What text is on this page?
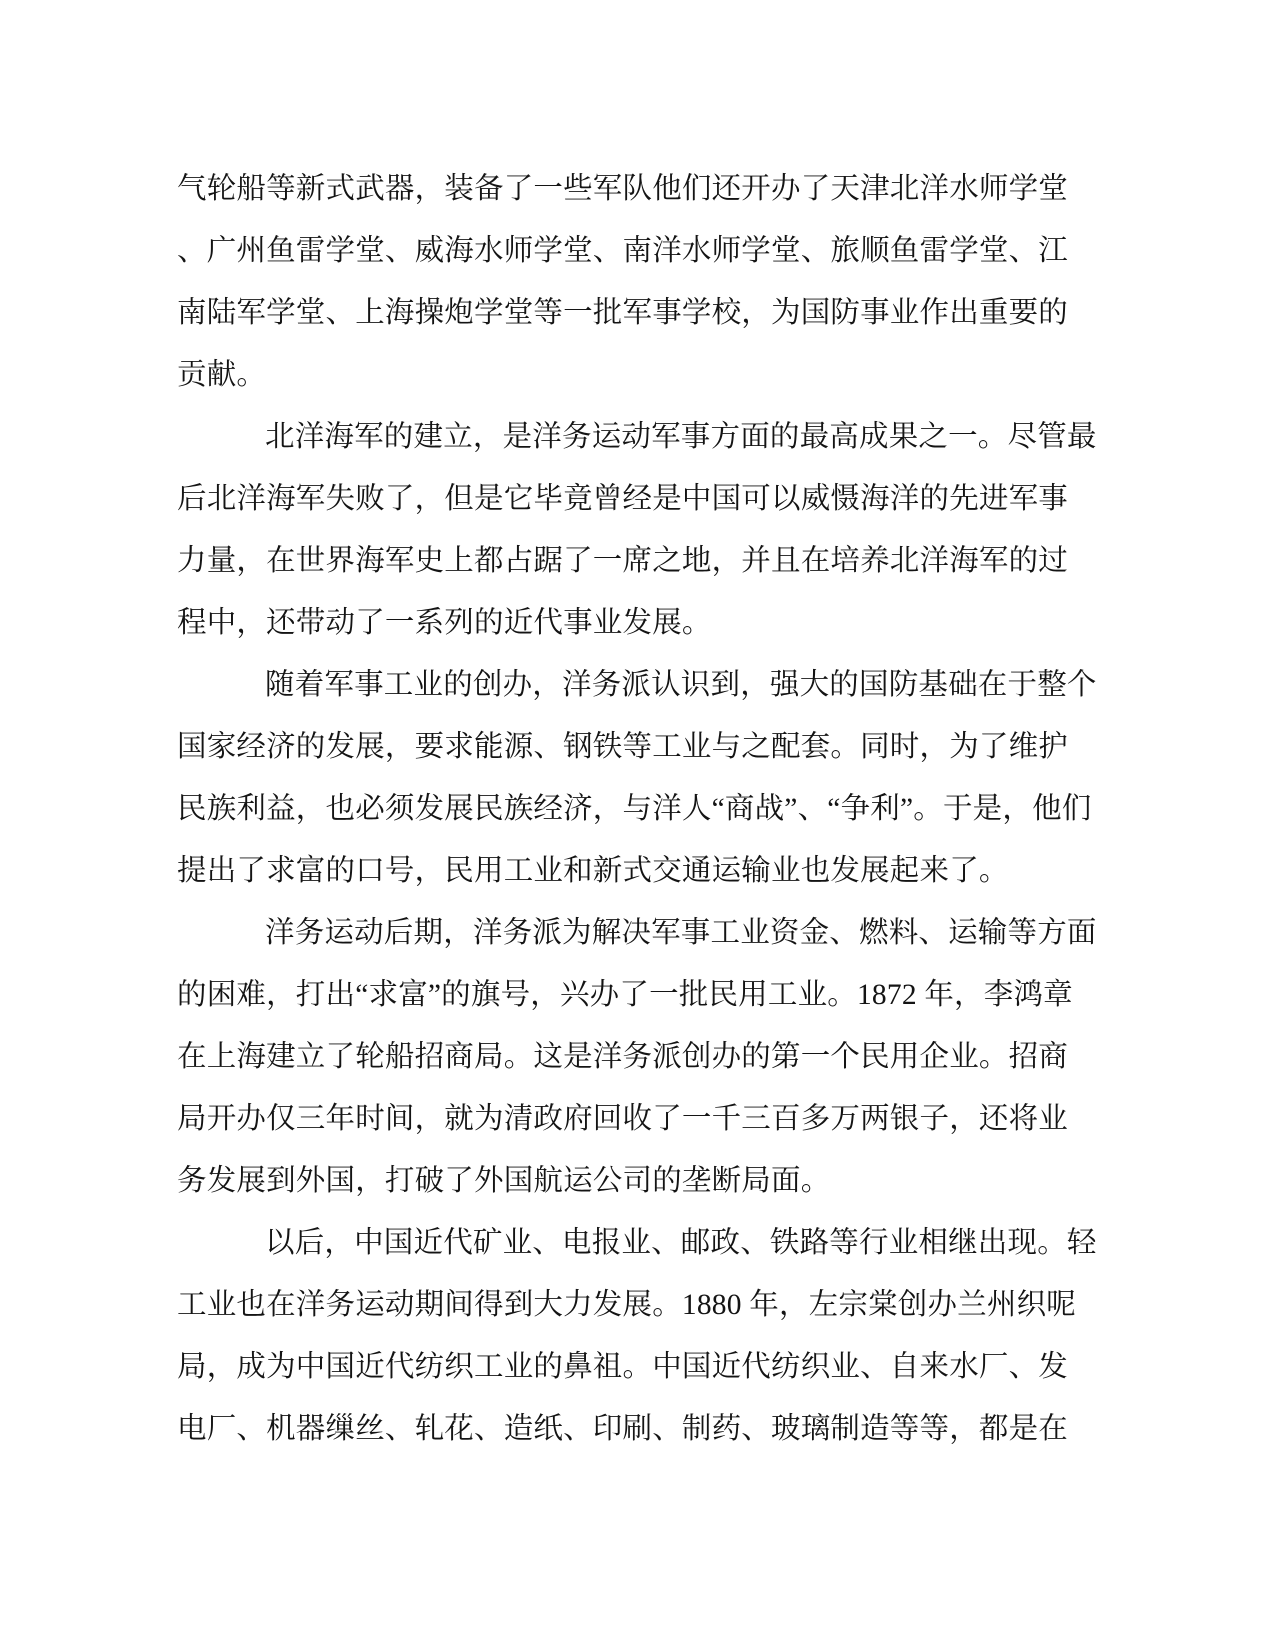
气轮船等新式武器，装备了一些军队他们还开办了天津北洋水师学堂
、广州鱼雷学堂、威海水师学堂、南洋水师学堂、旅顺鱼雷学堂、江
南陆军学堂、上海操炮学堂等一批军事学校，为国防事业作出重要的
贡献。
北洋海军的建立，是洋务运动军事方面的最高成果之一。尽管最
后北洋海军失败了，但是它毕竟曾经是中国可以威慑海洋的先进军事
力量，在世界海军史上都占踞了一席之地，并且在培养北洋海军的过
程中，还带动了一系列的近代事业发展。
随着军事工业的创办，洋务派认识到，强大的国防基础在于整个
国家经济的发展，要求能源、钢铁等工业与之配套。同时，为了维护
民族利益，也必须发展民族经济，与洋人“商战”、“争利”。于是，他们
提出了求富的口号，民用工业和新式交通运输业也发展起来了。
洋务运动后期，洋务派为解决军事工业资金、燃料、运输等方面
的困难，打出“求富”的旗号，兴办了一批民用工业。1872 年，李鸿章
在上海建立了轮船招商局。这是洋务派创办的第一个民用企业。招商
局开办仅三年时间，就为清政府回收了一千三百多万两银子，还将业
务发展到外国，打破了外国航运公司的垄断局面。
以后，中国近代矿业、电报业、邮政、铁路等行业相继出现。轻
工业也在洋务运动期间得到大力发展。1880 年，左宗棠创办兰州织呢
局，成为中国近代纺织工业的鼻祖。中国近代纺织业、自来水厂、发
电厂、机器缫丝、轧花、造纸、印刷、制药、玻璃制造等等，都是在
